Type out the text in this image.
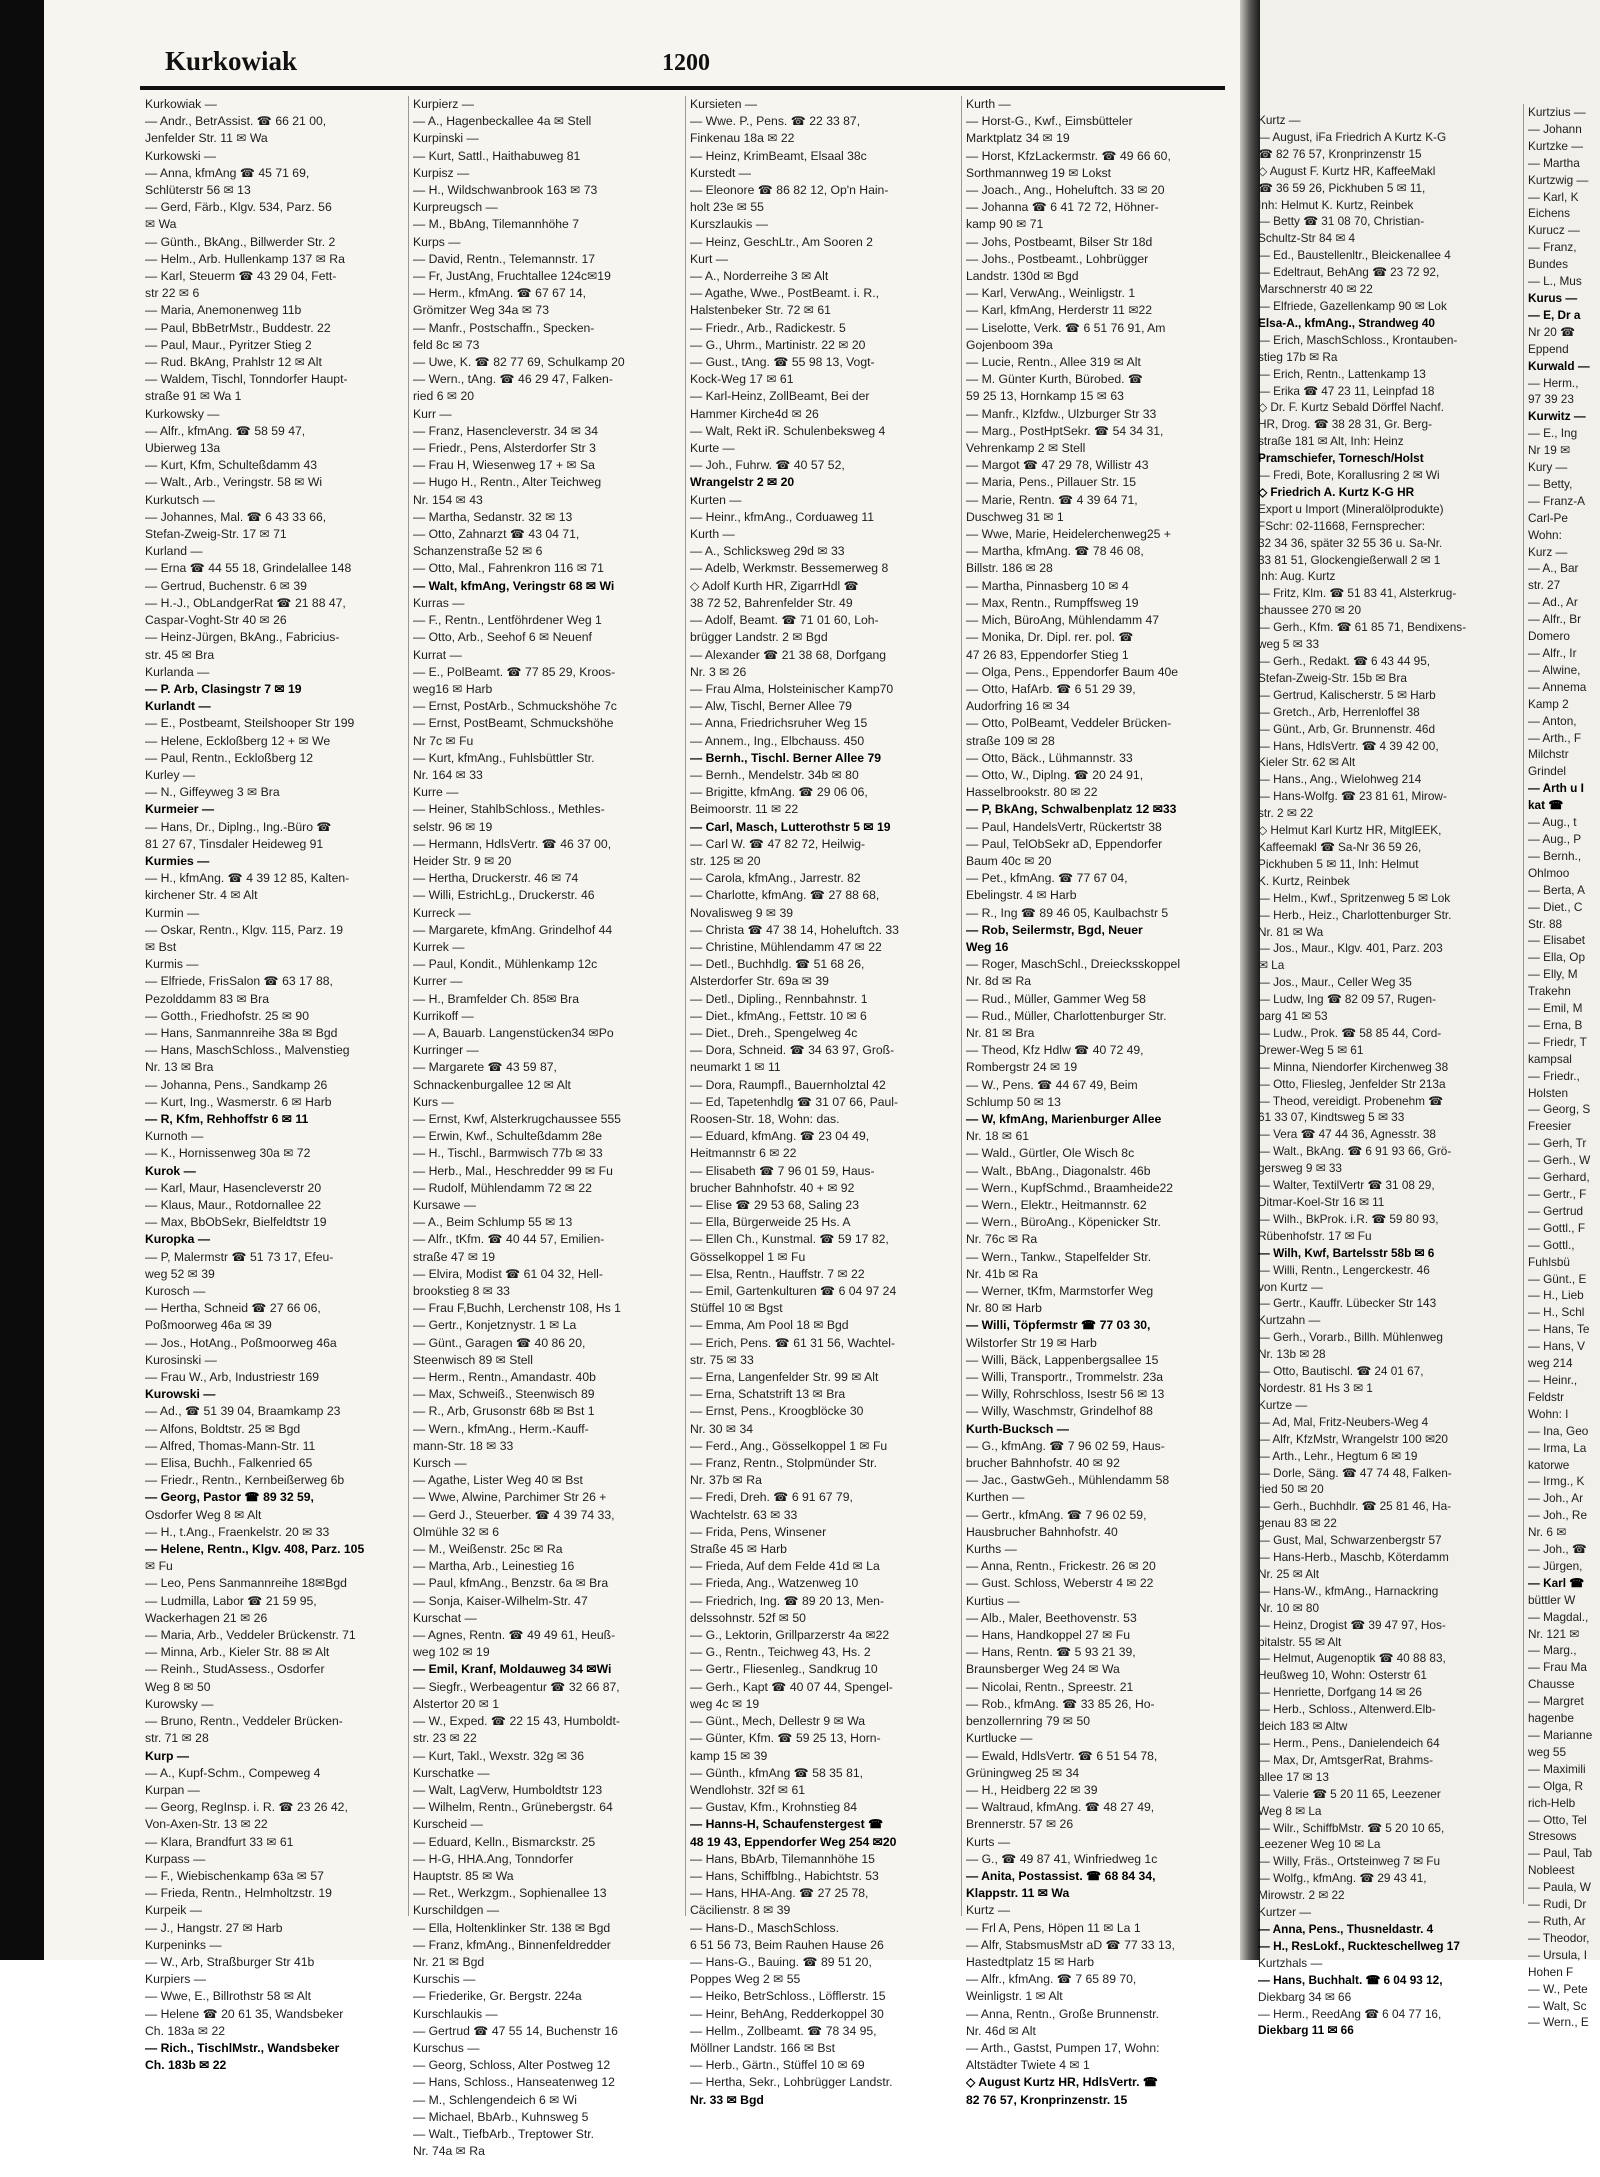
Kurkowiak	1200
Kurkowiak —
— Andr., BetrAssist. ☎ 66 21 00,
Jenfelder Str. 11 ✉ Wa
Kurkowski —
— Anna, kfmAng ☎ 45 71 69,
Schlüterstr 56 ✉ 13
— Gerd, Färb., Klgv. 534, Parz. 56
✉ Wa
— Günth., BkAng., Billwerder Str. 2
— Helm., Arb. Hullenkamp 137 ✉ Ra
— Karl, Steuerm ☎ 43 29 04, Fett-
str 22 ✉ 6
— Maria, Anemonenweg 11b
— Paul, BbBetrMstr., Buddestr. 22
— Paul, Maur., Pyritzer Stieg 2
— Rud. BkAng, Prahlstr 12 ✉ Alt
— Waldem, Tischl, Tonndorfer Haupt-
straße 91 ✉ Wa 1
Kurkowsky —
— Alfr., kfmAng. ☎ 58 59 47,
Ubierweg 13a
— Kurt, Kfm, Schulteßdamm 43
— Walt., Arb., Veringstr. 58 ✉ Wi
Kurkutsch —
— Johannes, Mal. ☎ 6 43 33 66,
Stefan-Zweig-Str. 17 ✉ 71
Kurland —
— Erna ☎ 44 55 18, Grindelallee 148
— Gertrud, Buchenstr. 6 ✉ 39
— H.-J., ObLandgerRat ☎ 21 88 47,
Caspar-Voght-Str 40 ✉ 26
— Heinz-Jürgen, BkAng., Fabricius-
str. 45 ✉ Bra
Kurlanda —
— P. Arb, Clasingstr 7 ✉ 19
Kurlandt —
— E., Postbeamt, Steilshooper Str 199
— Helene, Eckloßberg 12 + ✉ We
— Paul, Rentn., Eckloßberg 12
Kurley —
— N., Giffeyweg 3 ✉ Bra
Kurmeier —
— Hans, Dr., Diplng., Ing.-Büro ☎
81 27 67, Tinsdaler Heideweg 91
Kurmies —
— H., kfmAng. ☎ 4 39 12 85, Kalten-
kirchener Str. 4 ✉ Alt
Kurmin —
— Oskar, Rentn., Klgv. 115, Parz. 19
✉ Bst
Kurmis —
— Elfriede, FrisSalon ☎ 63 17 88,
Pezolddamm 83 ✉ Bra
— Gotth., Friedhofstr. 25 ✉ 90
— Hans, Sanmannreihe 38a ✉ Bgd
— Hans, MaschSchloss., Malvenstieg
Nr. 13 ✉ Bra
— Johanna, Pens., Sandkamp 26
— Kurt, Ing., Wasmerstr. 6 ✉ Harb
— R, Kfm, Rehhoffstr 6 ✉ 11
Kurnoth —
— K., Hornissenweg 30a ✉ 72
Kurok —
— Karl, Maur, Hasencleverstr 20
— Klaus, Maur., Rotdornallee 22
— Max, BbObSekr, Bielfeldtstr 19
Kuropka —
— P, Malermstr ☎ 51 73 17, Efeu-
weg 52 ✉ 39
Kurosch —
— Hertha, Schneid ☎ 27 66 06,
Poßmoorweg 46a ✉ 39
— Jos., HotAng., Poßmoorweg 46a
Kurosinski —
— Frau W., Arb, Industriestr 169
Kurowski —
— Ad., ☎ 51 39 04, Braamkamp 23
— Alfons, Boldtstr. 25 ✉ Bgd
— Alfred, Thomas-Mann-Str. 11
— Elisa, Buchh., Falkenried 65
— Friedr., Rentn., Kernbeißerweg 6b
— Georg, Pastor ☎ 89 32 59,
Osdorfer Weg 8 ✉ Alt
— H., t.Ang., Fraenkelstr. 20 ✉ 33
— Helene, Rentn., Klgv. 408, Parz. 105
✉ Fu
— Leo, Pens Sanmannreihe 18✉Bgd
— Ludmilla, Labor ☎ 21 59 95,
Wackerhagen 21 ✉ 26
— Maria, Arb., Veddeler Brückenstr. 71
— Minna, Arb., Kieler Str. 88 ✉ Alt
— Reinh., StudAssess., Osdorfer
Weg 8 ✉ 50
Kurowsky —
— Bruno, Rentn., Veddeler Brücken-
str. 71 ✉ 28
Kurp —
— A., Kupf-Schm., Compeweg 4
Kurpan —
— Georg, RegInsp. i. R. ☎ 23 26 42,
Von-Axen-Str. 13 ✉ 22
— Klara, Brandfurt 33 ✉ 61
Kurpass —
— F., Wiebischenkamp 63a ✉ 57
— Frieda, Rentn., Helmholtzstr. 19
Kurpeik —
— J., Hangstr. 27 ✉ Harb
Kurpeninks —
— W., Arb, Straßburger Str 41b
Kurpiers —
— Wwe, E., Billrothstr 58 ✉ Alt
— Helene ☎ 20 61 35, Wandsbeker
Ch. 183a ✉ 22
— Rich., TischlMstr., Wandsbeker
Ch. 183b ✉ 22
Kurpierz —
— A., Hagenbeckallee 4a ✉ Stell
Kurpinski —
— Kurt, Sattl., Haithabuweg 81
Kurpisz —
— H., Wildschwanbrook 163 ✉ 73
Kurpreugsch —
— M., BbAng, Tilemannhöhe 7
Kurps —
— David, Rentn., Telemannstr. 17
— Fr, JustAng, Fruchtallee 124c✉19
— Herm., kfmAng. ☎ 67 67 14,
Grömitzer Weg 34a ✉ 73
— Manfr., Postschaffn., Specken-
feld 8c ✉ 73
— Uwe, K. ☎ 82 77 69, Schulkamp 20
— Wern., tAng. ☎ 46 29 47, Falken-
ried 6 ✉ 20
Kurr —
— Franz, Hasencleverstr. 34 ✉ 34
— Friedr., Pens, Alsterdorfer Str 3
— Frau H, Wiesenweg 17 + ✉ Sa
— Hugo H., Rentn., Alter Teichweg
Nr. 154 ✉ 43
— Martha, Sedanstr. 32 ✉ 13
— Otto, Zahnarzt ☎ 43 04 71,
Schanzenstraße 52 ✉ 6
— Otto, Mal., Fahrenkron 116 ✉ 71
— Walt, kfmAng, Veringstr 68 ✉ Wi
Kurras —
— F., Rentn., Lentföhrdener Weg 1
— Otto, Arb., Seehof 6 ✉ Neuenf
Kurrat —
— E., PolBeamt. ☎ 77 85 29, Kroos-
weg16 ✉ Harb
— Ernst, PostArb., Schmuckshöhe 7c
— Ernst, PostBeamt, Schmuckshöhe
Nr 7c ✉ Fu
— Kurt, kfmAng., Fuhlsbüttler Str.
Nr. 164 ✉ 33
Kurre —
— Heiner, StahlbSchloss., Methles-
selstr. 96 ✉ 19
— Hermann, HdlsVertr. ☎ 46 37 00,
Heider Str. 9 ✉ 20
— Hertha, Druckerstr. 46 ✉ 74
— Willi, EstrichLg., Druckerstr. 46
Kurreck —
— Margarete, kfmAng. Grindelhof 44
Kurrek —
— Paul, Kondit., Mühlenkamp 12c
Kurrer —
— H., Bramfelder Ch. 85✉ Bra
Kurrikoff —
— A, Bauarb. Langenstücken34 ✉Po
Kurringer —
— Margarete ☎ 43 59 87,
Schnackenburgallee 12 ✉ Alt
Kurs —
— Ernst, Kwf, Alsterkrugchaussee 555
— Erwin, Kwf., Schulteßdamm 28e
— H., Tischl., Barmwisch 77b ✉ 33
— Herb., Mal., Heschredder 99 ✉ Fu
— Rudolf, Mühlendamm 72 ✉ 22
Kursawe —
— A., Beim Schlump 55 ✉ 13
— Alfr., tKfm. ☎ 40 44 57, Emilien-
straße 47 ✉ 19
— Elvira, Modist ☎ 61 04 32, Hell-
brookstieg 8 ✉ 33
— Frau F,Buchh, Lerchenstr 108, Hs 1
— Gertr., Konjetznystr. 1 ✉ La
— Günt., Garagen ☎ 40 86 20,
Steenwisch 89 ✉ Stell
— Herm., Rentn., Amandastr. 40b
— Max, Schweiß., Steenwisch 89
— R., Arb, Grusonstr 68b ✉ Bst 1
— Wern., kfmAng., Herm.-Kauff-
mann-Str. 18 ✉ 33
Kursch —
— Agathe, Lister Weg 40 ✉ Bst
— Wwe, Alwine, Parchimer Str 26 +
— Gerd J., Steuerber. ☎ 4 39 74 33,
Olmühle 32 ✉ 6
— M., Weißenstr. 25c ✉ Ra
— Martha, Arb., Leinestieg 16
— Paul, kfmAng., Benzstr. 6a ✉ Bra
— Sonja, Kaiser-Wilhelm-Str. 47
Kurschat —
— Agnes, Rentn. ☎ 49 49 61, Heuß-
weg 102 ✉ 19
— Emil, Kranf, Moldauweg 34 ✉Wi
— Siegfr., Werbeagentur ☎ 32 66 87,
Alstertor 20 ✉ 1
— W., Exped. ☎ 22 15 43, Humboldt-
str. 23 ✉ 22
— Kurt, Takl., Wexstr. 32g ✉ 36
Kurschatke —
— Walt, LagVerw, Humboldtstr 123
— Wilhelm, Rentn., Grünebergstr. 64
Kurscheid —
— Eduard, Kelln., Bismarckstr. 25
— H-G, HHA.Ang, Tonndorfer
Hauptstr. 85 ✉ Wa
— Ret., Werkzgm., Sophienallee 13
Kurschildgen —
— Ella, Holtenklinker Str. 138 ✉ Bgd
— Franz, kfmAng., Binnenfeldredder
Nr. 21 ✉ Bgd
Kurschis —
— Friederike, Gr. Bergstr. 224a
Kurschlaukis —
— Gertrud ☎ 47 55 14, Buchenstr 16
Kurschus —
— Georg, Schloss, Alter Postweg 12
— Hans, Schloss., Hanseatenweg 12
— M., Schlengendeich 6 ✉ Wi
— Michael, BbArb., Kuhnsweg 5
— Walt., TiefbArb., Treptower Str.
Nr. 74a ✉ Ra
Kursieten —
— Wwe. P., Pens. ☎ 22 33 87,
Finkenau 18a ✉ 22
— Heinz, KrimBeamt, Elsaal 38c
Kurstedt —
— Eleonore ☎ 86 82 12, Op'n Hain-
holt 23e ✉ 55
Kurszlaukis —
— Heinz, GeschLtr., Am Sooren 2
Kurt —
— A., Norderreihe 3 ✉ Alt
— Agathe, Wwe., PostBeamt. i. R.,
Halstenbeker Str. 72 ✉ 61
— Friedr., Arb., Radickestr. 5
— G., Uhrm., Martinistr. 22 ✉ 20
— Gust., tAng. ☎ 55 98 13, Vogt-
Kock-Weg 17 ✉ 61
— Karl-Heinz, ZollBeamt, Bei der
Hammer Kirche4d ✉ 26
— Walt, Rekt iR. Schulenbeksweg 4
Kurte —
— Joh., Fuhrw. ☎ 40 57 52,
Wrangelstr 2 ✉ 20
Kurten —
— Heinr., kfmAng., Corduaweg 11
Kurth —
— A., Schlicksweg 29d ✉ 33
— Adelb, Werkmstr. Bessemerweg 8
◇ Adolf Kurth HR, ZigarrHdl ☎
38 72 52, Bahrenfelder Str. 49
— Adolf, Beamt. ☎ 71 01 60, Loh-
brügger Landstr. 2 ✉ Bgd
— Alexander ☎ 21 38 68, Dorfgang
Nr. 3 ✉ 26
— Frau Alma, Holsteinischer Kamp70
— Alw, Tischl, Berner Allee 79
— Anna, Friedrichsruher Weg 15
— Annem., Ing., Elbchauss. 450
— Bernh., Tischl. Berner Allee 79
— Bernh., Mendelstr. 34b ✉ 80
— Brigitte, kfmAng. ☎ 29 06 06,
Beimoorstr. 11 ✉ 22
— Carl, Masch, Lutterothstr 5 ✉ 19
— Carl W. ☎ 47 82 72, Heilwig-
str. 125 ✉ 20
— Carola, kfmAng., Jarrestr. 82
— Charlotte, kfmAng. ☎ 27 88 68,
Novalisweg 9 ✉ 39
— Christa ☎ 47 38 14, Hoheluftch. 33
— Christine, Mühlendamm 47 ✉ 22
— Detl., Buchhdlg. ☎ 51 68 26,
Alsterdorfer Str. 69a ✉ 39
— Detl., Dipling., Rennbahnstr. 1
— Diet., kfmAng., Fettstr. 10 ✉ 6
— Diet., Dreh., Spengelweg 4c
— Dora, Schneid. ☎ 34 63 97, Groß-
neumarkt 1 ✉ 11
— Dora, Raumpfl., Bauernholztal 42
— Ed, Tapetenhdlg ☎ 31 07 66, Paul-
Roosen-Str. 18, Wohn: das.
— Eduard, kfmAng. ☎ 23 04 49,
Heitmannstr 6 ✉ 22
— Elisabeth ☎ 7 96 01 59, Haus-
brucher Bahnhofstr. 40 + ✉ 92
— Elise ☎ 29 53 68, Saling 23
— Ella, Bürgerweide 25 Hs. A
— Ellen Ch., Kunstmal. ☎ 59 17 82,
Gösselkoppel 1 ✉ Fu
— Elsa, Rentn., Hauffstr. 7 ✉ 22
— Emil, Gartenkulturen ☎ 6 04 97 24
Stüffel 10 ✉ Bgst
— Emma, Am Pool 18 ✉ Bgd
— Erich, Pens. ☎ 61 31 56, Wachtel-
str. 75 ✉ 33
— Erna, Langenfelder Str. 99 ✉ Alt
— Erna, Schatstrift 13 ✉ Bra
— Ernst, Pens., Kroogblöcke 30
Nr. 30 ✉ 34
— Ferd., Ang., Gösselkoppel 1 ✉ Fu
— Franz, Rentn., Stolpmünder Str.
Nr. 37b ✉ Ra
— Fredi, Dreh. ☎ 6 91 67 79,
Wachtelstr. 63 ✉ 33
— Frida, Pens, Winsener
Straße 45 ✉ Harb
— Frieda, Auf dem Felde 41d ✉ La
— Frieda, Ang., Watzenweg 10
— Friedrich, Ing. ☎ 89 20 13, Men-
delssohnstr. 52f ✉ 50
— G., Lektorin, Grillparzerstr 4a ✉22
— G., Rentn., Teichweg 43, Hs. 2
— Gertr., Fliesenleg., Sandkrug 10
— Gerh., Kapt ☎ 40 07 44, Spengel-
weg 4c ✉ 19
— Günt., Mech, Dellestr 9 ✉ Wa
— Günter, Kfm. ☎ 59 25 13, Horn-
kamp 15 ✉ 39
— Günth., kfmAng ☎ 58 35 81,
Wendlohstr. 32f ✉ 61
— Gustav, Kfm., Krohnstieg 84
— Hanns-H, Schaufenstergest ☎
48 19 43, Eppendorfer Weg 254 ✉20
— Hans, BbArb, Tilemannhöhe 15
— Hans, Schiffblng., Habichtstr. 53
— Hans, HHA-Ang. ☎ 27 25 78,
Cäcilienstr. 8 ✉ 39
— Hans-D., MaschSchloss.
6 51 56 73, Beim Rauhen Hause 26
— Hans-G., Bauing. ☎ 89 51 20,
Poppes Weg 2 ✉ 55
— Heiko, BetrSchloss., Löfflerstr. 15
— Heinr, BehAng, Redderkoppel 30
— Hellm., Zollbeamt. ☎ 78 34 95,
Möllner Landstr. 166 ✉ Bst
— Herb., Gärtn., Stüffel 10 ✉ 69
— Hertha, Sekr., Lohbrügger Landstr.
Nr. 33 ✉ Bgd
Kurth —
— Horst-G., Kwf., Eimsbütteler
Marktplatz 34 ✉ 19
— Horst, KfzLackermstr. ☎ 49 66 60,
Sorthmannweg 19 ✉ Lokst
— Joach., Ang., Hoheluftch. 33 ✉ 20
— Johanna ☎ 6 41 72 72, Höhner-
kamp 90 ✉ 71
— Johs, Postbeamt, Bilser Str 18d
— Johs., Postbeamt., Lohbrügger
Landstr. 130d ✉ Bgd
— Karl, VerwAng., Weinligstr. 1
— Karl, kfmAng, Herderstr 11 ✉22
— Liselotte, Verk. ☎ 6 51 76 91, Am
Gojenboom 39a
— Lucie, Rentn., Allee 319 ✉ Alt
— M. Günter Kurth, Bürobed. ☎
59 25 13, Hornkamp 15 ✉ 63
— Manfr., Klzfdw., Ulzburger Str 33
— Marg., PostHptSekr. ☎ 54 34 31,
Vehrenkamp 2 ✉ Stell
— Margot ☎ 47 29 78, Willistr 43
— Maria, Pens., Pillauer Str. 15
— Marie, Rentn. ☎ 4 39 64 71,
Duschweg 31 ✉ 1
— Wwe, Marie, Heidelerchenweg25 +
— Martha, kfmAng. ☎ 78 46 08,
Billstr. 186 ✉ 28
— Martha, Pinnasberg 10 ✉ 4
— Max, Rentn., Rumpffsweg 19
— Mich, BüroAng, Mühlendamm 47
— Monika, Dr. Dipl. rer. pol. ☎
47 26 83, Eppendorfer Stieg 1
— Olga, Pens., Eppendorfer Baum 40e
— Otto, HafArb. ☎ 6 51 29 39,
Audorfring 16 ✉ 34
— Otto, PolBeamt, Veddeler Brücken-
straße 109 ✉ 28
— Otto, Bäck., Lühmannstr. 33
— Otto, W., Diplng. ☎ 20 24 91,
Hasselbrookstr. 80 ✉ 22
— P, BkAng, Schwalbenplatz 12 ✉33
— Paul, HandelsVertr, Rückertstr 38
— Paul, TelObSekr aD, Eppendorfer
Baum 40c ✉ 20
— Pet., kfmAng. ☎ 77 67 04,
Ebelingstr. 4 ✉ Harb
— R., Ing ☎ 89 46 05, Kaulbachstr 5
— Rob, Seilermstr, Bgd, Neuer
Weg 16
— Roger, MaschSchl., Dreiecksskoppel
Nr. 8d ✉ Ra
— Rud., Müller, Gammer Weg 58
— Rud., Müller, Charlottenburger Str.
Nr. 81 ✉ Bra
— Theod, Kfz Hdlw ☎ 40 72 49,
Rombergstr 24 ✉ 19
— W., Pens. ☎ 44 67 49, Beim
Schlump 50 ✉ 13
— W, kfmAng, Marienburger Allee
Nr. 18 ✉ 61
— Wald., Gürtler, Ole Wisch 8c
— Walt., BbAng., Diagonalstr. 46b
— Wern., KupfSchmd., Braamheide22
— Wern., Elektr., Heitmannstr. 62
— Wern., BüroAng., Köpenicker Str.
Nr. 76c ✉ Ra
— Wern., Tankw., Stapelfelder Str.
Nr. 41b ✉ Ra
— Werner, tKfm, Marmstorfer Weg
Nr. 80 ✉ Harb
— Willi, Töpfermstr ☎ 77 03 30,
Wilstorfer Str 19 ✉ Harb
— Willi, Bäck, Lappenbergsallee 15
— Willi, Transportr., Trommelstr. 23a
— Willy, Rohrschloss, Isestr 56 ✉ 13
— Willy, Waschmstr, Grindelhof 88
Kurth-Bucksch —
— G., kfmAng. ☎ 7 96 02 59, Haus-
brucher Bahnhofstr. 40 ✉ 92
— Jac., GastwGeh., Mühlendamm 58
Kurthen —
— Gertr., kfmAng. ☎ 7 96 02 59,
Hausbrucher Bahnhofstr. 40
Kurths —
— Anna, Rentn., Frickestr. 26 ✉ 20
— Gust. Schloss, Weberstr 4 ✉ 22
Kurtius —
— Alb., Maler, Beethovenstr. 53
— Hans, Handkoppel 27 ✉ Fu
— Hans, Rentn. ☎ 5 93 21 39,
Braunsberger Weg 24 ✉ Wa
— Nicolai, Rentn., Spreestr. 21
— Rob., kfmAng. ☎ 33 85 26, Ho-
benzollernring 79 ✉ 50
Kurtlucke —
— Ewald, HdlsVertr. ☎ 6 51 54 78,
Grüningweg 25 ✉ 34
— H., Heidberg 22 ✉ 39
— Waltraud, kfmAng. ☎ 48 27 49,
Brennerstr. 57 ✉ 26
Kurts —
— G., ☎ 49 87 41, Winfriedweg 1c
— Anita, Postassist. ☎ 68 84 34,
Klappstr. 11 ✉ Wa
Kurtz —
— Frl A, Pens, Höpen 11 ✉ La 1
— Alfr, StabsmusMstr aD ☎ 77 33 13,
Hastedtplatz 15 ✉ Harb
— Alfr., kfmAng. ☎ 7 65 89 70,
Weinligstr. 1 ✉ Alt
— Anna, Rentn., Große Brunnenstr.
Nr. 46d ✉ Alt
— Arth., Gastst, Pumpen 17, Wohn:
Altstädter Twiete 4 ✉ 1
◇ August Kurtz HR, HdlsVertr. ☎
82 76 57, Kronprinzenstr. 15
Kurtz —
— August, iFa Friedrich A Kurtz K-G
☎ 82 76 57, Kronprinzenstr 15
◇ August F. Kurtz HR, KaffeeMakl
☎ 36 59 26, Pickhuben 5 ✉ 11,
Inh: Helmut K. Kurtz, Reinbek
— Betty ☎ 31 08 70, Christian-
Schultz-Str 84 ✉ 4
— Ed., Baustellenltr., Bleickenallee 4
— Edeltraut, BehAng ☎ 23 72 92,
Marschnerstr 40 ✉ 22
— Elfriede, Gazellenkamp 90 ✉ Lok
Elsa-A., kfmAng., Strandweg 40
— Erich, MaschSchloss., Krontauben-
stieg 17b ✉ Ra
— Erich, Rentn., Lattenkamp 13
— Erika ☎ 47 23 11, Leinpfad 18
◇ Dr. F. Kurtz Sebald Dörffel Nachf.
HR, Drog. ☎ 38 28 31, Gr. Berg-
straße 181 ✉ Alt, Inh: Heinz
Pramschiefer, Tornesch/Holst
— Fredi, Bote, Korallusring 2 ✉ Wi
◇ Friedrich A. Kurtz K-G HR
Export u Import (Mineralölprodukte)
FSchr: 02-11668, Fernsprecher:
32 34 36, später 32 55 36 u. Sa-Nr.
33 81 51, Glockengießerwall 2 ✉ 1
Inh: Aug. Kurtz
— Fritz, Klm. ☎ 51 83 41, Alsterkrug-
chaussee 270 ✉ 20
— Gerh., Kfm. ☎ 61 85 71, Bendixens-
weg 5 ✉ 33
— Gerh., Redakt. ☎ 6 43 44 95,
Stefan-Zweig-Str. 15b ✉ Bra
— Gertrud, Kalischerstr. 5 ✉ Harb
— Gretch., Arb, Herrenloffel 38
— Günt., Arb, Gr. Brunnenstr. 46d
— Hans, HdlsVertr. ☎ 4 39 42 00,
Kieler Str. 62 ✉ Alt
— Hans., Ang., Wielohweg 214
— Hans-Wolfg. ☎ 23 81 61, Mirow-
str. 2 ✉ 22
◇ Helmut Karl Kurtz HR, MitglEEK,
Kaffeemakl ☎ Sa-Nr 36 59 26,
Pickhuben 5 ✉ 11, Inh: Helmut
K. Kurtz, Reinbek
— Helm., Kwf., Spritzenweg 5 ✉ Lok
— Herb., Heiz., Charlottenburger Str.
Nr. 81 ✉ Wa
— Jos., Maur., Klgv. 401, Parz. 203
✉ La
— Jos., Maur., Celler Weg 35
— Ludw, Ing ☎ 82 09 57, Rugen-
barg 41 ✉ 53
— Ludw., Prok. ☎ 58 85 44, Cord-
Drewer-Weg 5 ✉ 61
— Minna, Niendorfer Kirchenweg 38
— Otto, Fliesleg, Jenfelder Str 213a
— Theod, vereidigt. Probenehm ☎
61 33 07, Kindtsweg 5 ✉ 33
— Vera ☎ 47 44 36, Agnesstr. 38
— Walt., BkAng. ☎ 6 91 93 66, Grö-
gersweg 9 ✉ 33
— Walter, TextilVertr ☎ 31 08 29,
Ditmar-Koel-Str 16 ✉ 11
— Wilh., BkProk. i.R. ☎ 59 80 93,
Rübenhofstr. 17 ✉ Fu
— Wilh, Kwf, Bartelsstr 58b ✉ 6
— Willi, Rentn., Lengerckestr. 46
von Kurtz —
— Gertr., Kauffr. Lübecker Str 143
Kurtzahn —
— Gerh., Vorarb., Billh. Mühlenweg
Nr. 13b ✉ 28
— Otto, Bautischl. ☎ 24 01 67,
Nordestr. 81 Hs 3 ✉ 1
Kurtze —
— Ad, Mal, Fritz-Neubers-Weg 4
— Alfr, KfzMstr, Wrangelstr 100 ✉20
— Arth., Lehr., Hegtum 6 ✉ 19
— Dorle, Säng. ☎ 47 74 48, Falken-
ried 50 ✉ 20
— Gerh., Buchhdlr. ☎ 25 81 46, Ha-
genau 83 ✉ 22
— Gust, Mal, Schwarzenbergstr 57
— Hans-Herb., Maschb, Köterdamm
Nr. 25 ✉ Alt
— Hans-W., kfmAng., Harnackring
Nr. 10 ✉ 80
— Heinz, Drogist ☎ 39 47 97, Hos-
pitalstr. 55 ✉ Alt
— Helmut, Augenoptik ☎ 40 88 83,
Heußweg 10, Wohn: Osterstr 61
— Henriette, Dorfgang 14 ✉ 26
— Herb., Schloss., Altenwerd.Elb-
deich 183 ✉ Altw
— Herm., Pens., Danielendeich 64
— Max, Dr, AmtsgerRat, Brahms-
allee 17 ✉ 13
— Valerie ☎ 5 20 11 65, Leezener
Weg 8 ✉ La
— Wilr., SchiffbMstr. ☎ 5 20 10 65,
Leezener Weg 10 ✉ La
— Willy, Fräs., Ortsteinweg 7 ✉ Fu
— Wolfg., kfmAng. ☎ 29 43 41,
Mirowstr. 2 ✉ 22
Kurtzer —
— Anna, Pens., Thusneldastr. 4
— H., ResLokf., Ruckteschellweg 17
Kurtzhals —
— Hans, Buchhalt. ☎ 6 04 93 12,
Diekbarg 34 ✉ 66
— Herm., ReedAng ☎ 6 04 77 16,
Diekbarg 11 ✉ 66
Kurtzius —
— Johann
Kurtzke —
— Martha
Kurtzwig —
— Karl, K
Eichens
Kurucz —
— Franz,
Bundes
— L., Mus
Kurus —
— E, Dr a
Nr 20 ☎
Eppend
Kurwald —
— Herm.,
97 39 23
Kurwitz —
— E., Ing
Nr 19 ✉
Kury —
— Betty,
— Franz-A
Carl-Pe
Wohn:
Kurz —
— A., Bar
str. 27
— Ad., Ar
— Alfr., Br
Domero
— Alfr., Ir
— Alwine,
— Annema
Kamp 2
— Anton,
— Arth., F
Milchstr
Grindel
— Arth u I
kat ☎
— Aug., t
— Aug., P
— Bernh.,
Ohlmoo
— Berta, A
— Diet., C
Str. 88
— Elisabet
— Ella, Op
— Elly, M
Trakehn
— Emil, M
— Erna, B
— Friedr, T
kampsal
— Friedr.,
Holsten
— Georg, S
Freesier
— Gerh, Tr
— Gerh., W
— Gerhard,
— Gertr., F
— Gertrud
— Gottl., F
— Gottl.,
Fuhlsbü
— Günt., E
— H., Lieb
— H., Schl
— Hans, Te
— Hans, V
weg 214
— Heinr.,
Feldstr
Wohn: I
— Ina, Geo
— Irma, La
katorwe
— Irmg., K
— Joh., Ar
— Joh., Re
Nr. 6 ✉
— Joh., ☎
— Jürgen,
— Karl ☎
büttler W
— Magdal.,
Nr. 121 ✉
— Marg.,
— Frau Ma
Chausse
— Margret
hagenbe
— Marianne
weg 55
— Maximili
— Olga, R
rich-Helb
— Otto, Tel
Stresows
— Paul, Tab
Nobleest
— Paula, W
— Rudi, Dr
— Ruth, Ar
— Theodor,
— Ursula, I
Hohen F
— W., Pete
— Walt, Sc
— Wern., E
